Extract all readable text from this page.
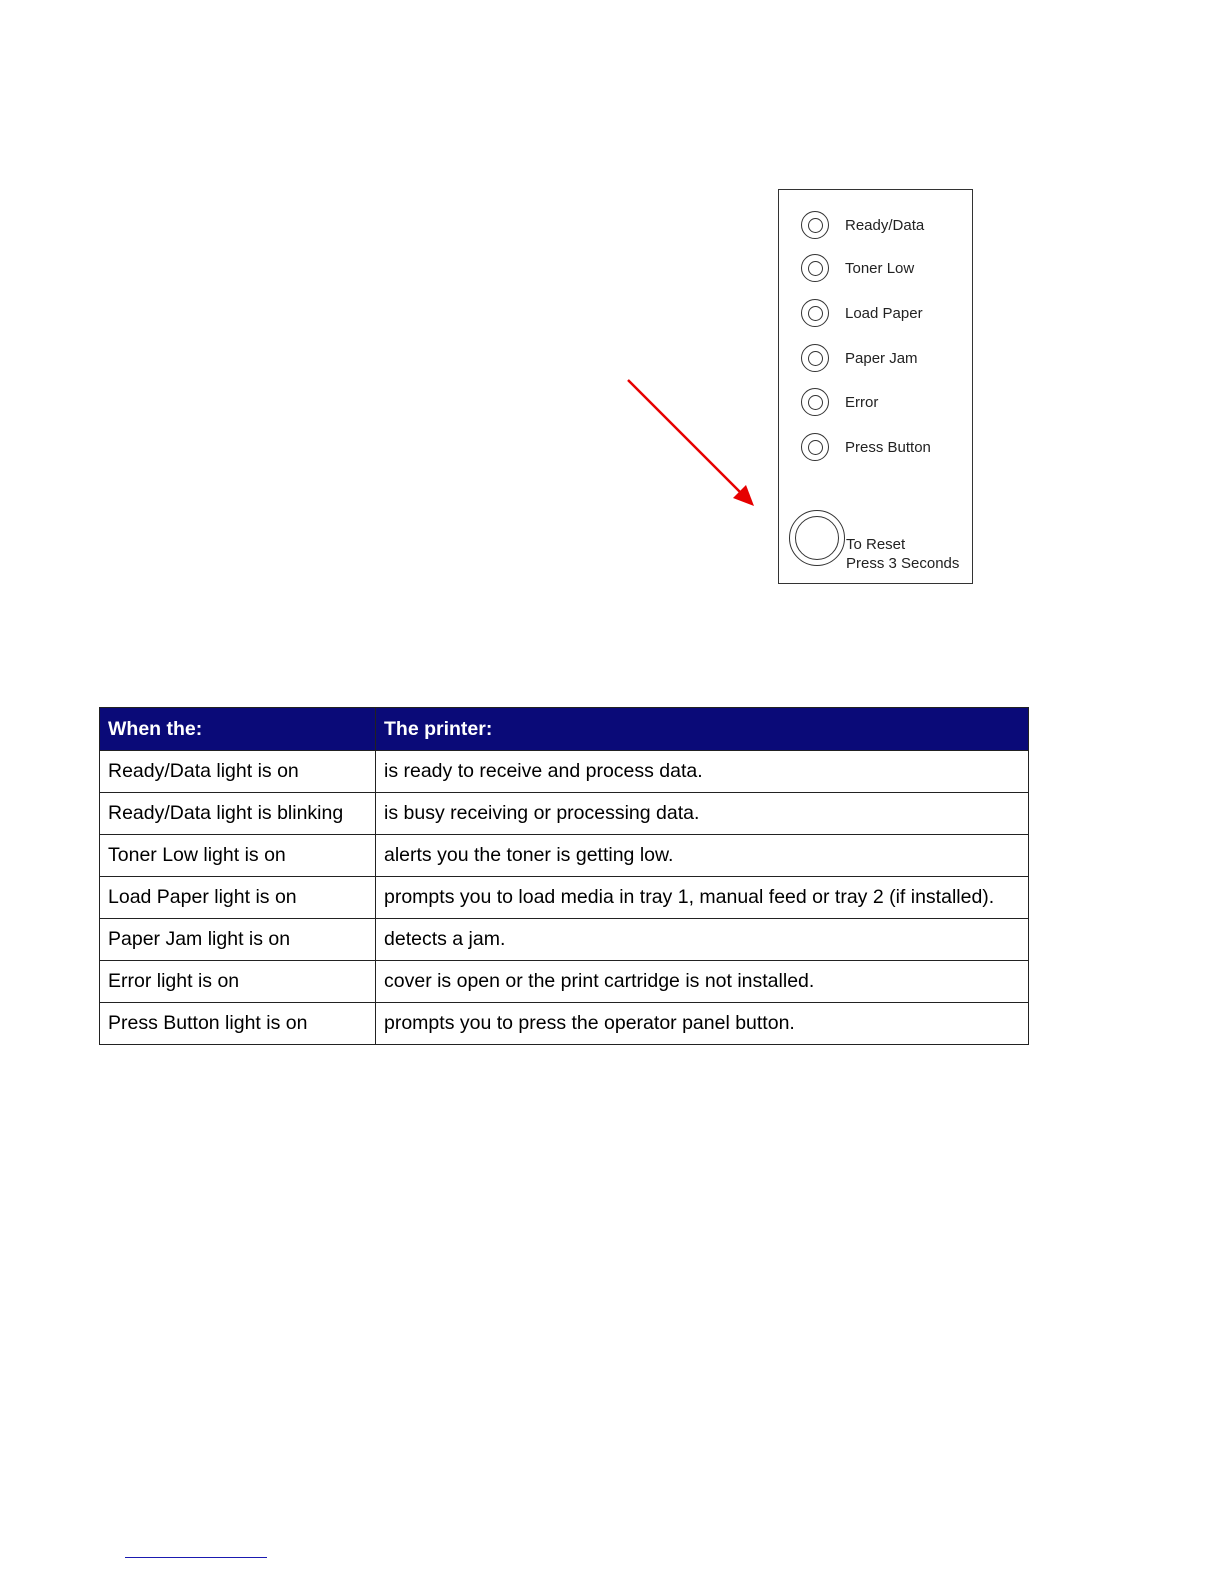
Ready/Data
Toner Low
Load Paper
Paper Jam
Error
Press Button
To Reset
Press 3 Seconds
When the:	The printer:
Ready/Data light is on	is ready to receive and process data.
Ready/Data light is blinking	is busy receiving or processing data.
Toner Low light is on	alerts you the toner is getting low.
Load Paper light is on	prompts you to load media in tray 1, manual feed or tray 2 (if installed).
Paper Jam light is on	detects a jam.
Error light is on	cover is open or the print cartridge is not installed.
Press Button light is on	prompts you to press the operator panel button.
